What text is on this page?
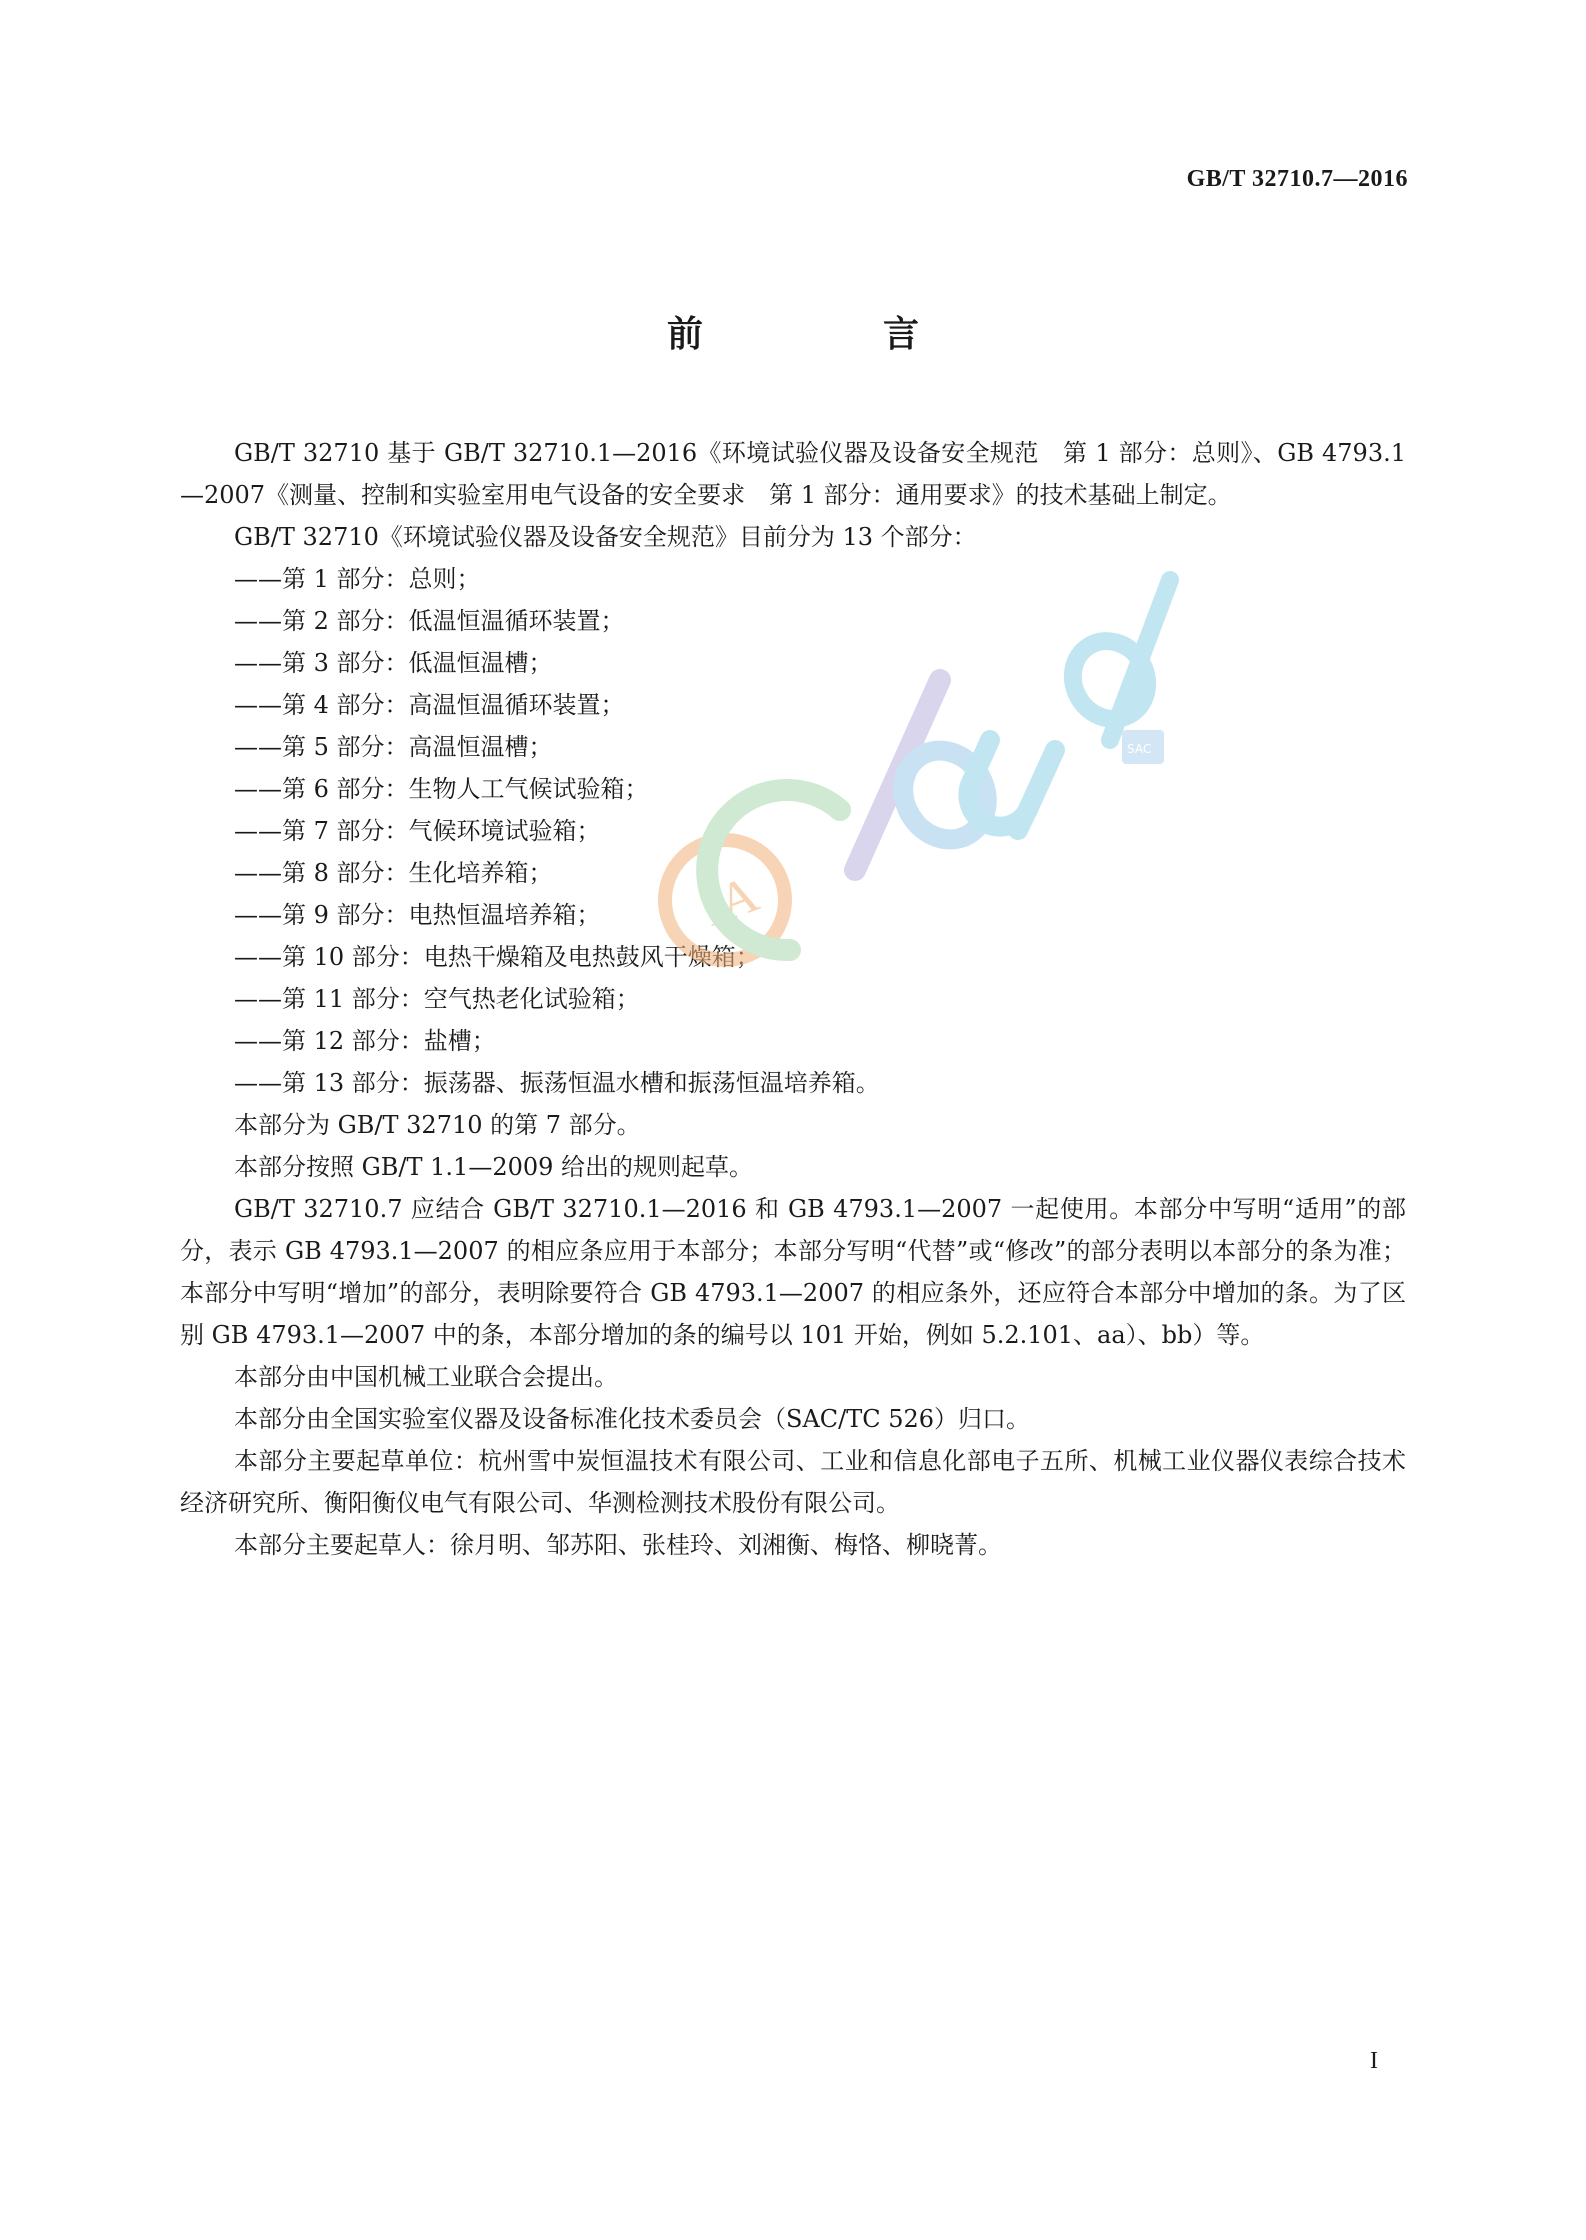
GB/T 32710.7—2016
前　言

GB/T 32710 基于 GB/T 32710.1—2016《环境试验仪器及设备安全规范　第 1 部分：总则》、GB 4793.1—2007《测量、控制和实验室用电气设备的安全要求　第 1 部分：通用要求》的技术基础上制定。

GB/T 32710《环境试验仪器及设备安全规范》目前分为 13 个部分：

——第 1 部分：总则；
——第 2 部分：低温恒温循环装置；
——第 3 部分：低温恒温槽；
——第 4 部分：高温恒温循环装置；
——第 5 部分：高温恒温槽；
——第 6 部分：生物人工气候试验箱；
——第 7 部分：气候环境试验箱；
——第 8 部分：生化培养箱；
——第 9 部分：电热恒温培养箱；
——第 10 部分：电热干燥箱及电热鼓风干燥箱；
——第 11 部分：空气热老化试验箱；
——第 12 部分：盐槽；
——第 13 部分：振荡器、振荡恒温水槽和振荡恒温培养箱。

本部分为 GB/T 32710 的第 7 部分。

本部分按照 GB/T 1.1—2009 给出的规则起草。

GB/T 32710.7 应结合 GB/T 32710.1—2016 和 GB 4793.1—2007 一起使用。本部分中写明“适用”的部分，表示 GB 4793.1—2007 的相应条应用于本部分；本部分写明“代替”或“修改”的部分表明以本部分的条为准；本部分中写明“增加”的部分，表明除要符合 GB 4793.1—2007 的相应条外，还应符合本部分中增加的条。为了区别 GB 4793.1—2007 中的条，本部分增加的条的编号以 101 开始，例如 5.2.101、aa）、bb）等。

本部分由中国机械工业联合会提出。

本部分由全国实验室仪器及设备标准化技术委员会（SAC/TC 526）归口。

本部分主要起草单位：杭州雪中炭恒温技术有限公司、工业和信息化部电子五所、机械工业仪器仪表综合技术经济研究所、衡阳衡仪电气有限公司、华测检测技术股份有限公司。

本部分主要起草人：徐月明、邹苏阳、张桂玲、刘湘衡、梅恪、柳晓菁。

IA
SAC
I
